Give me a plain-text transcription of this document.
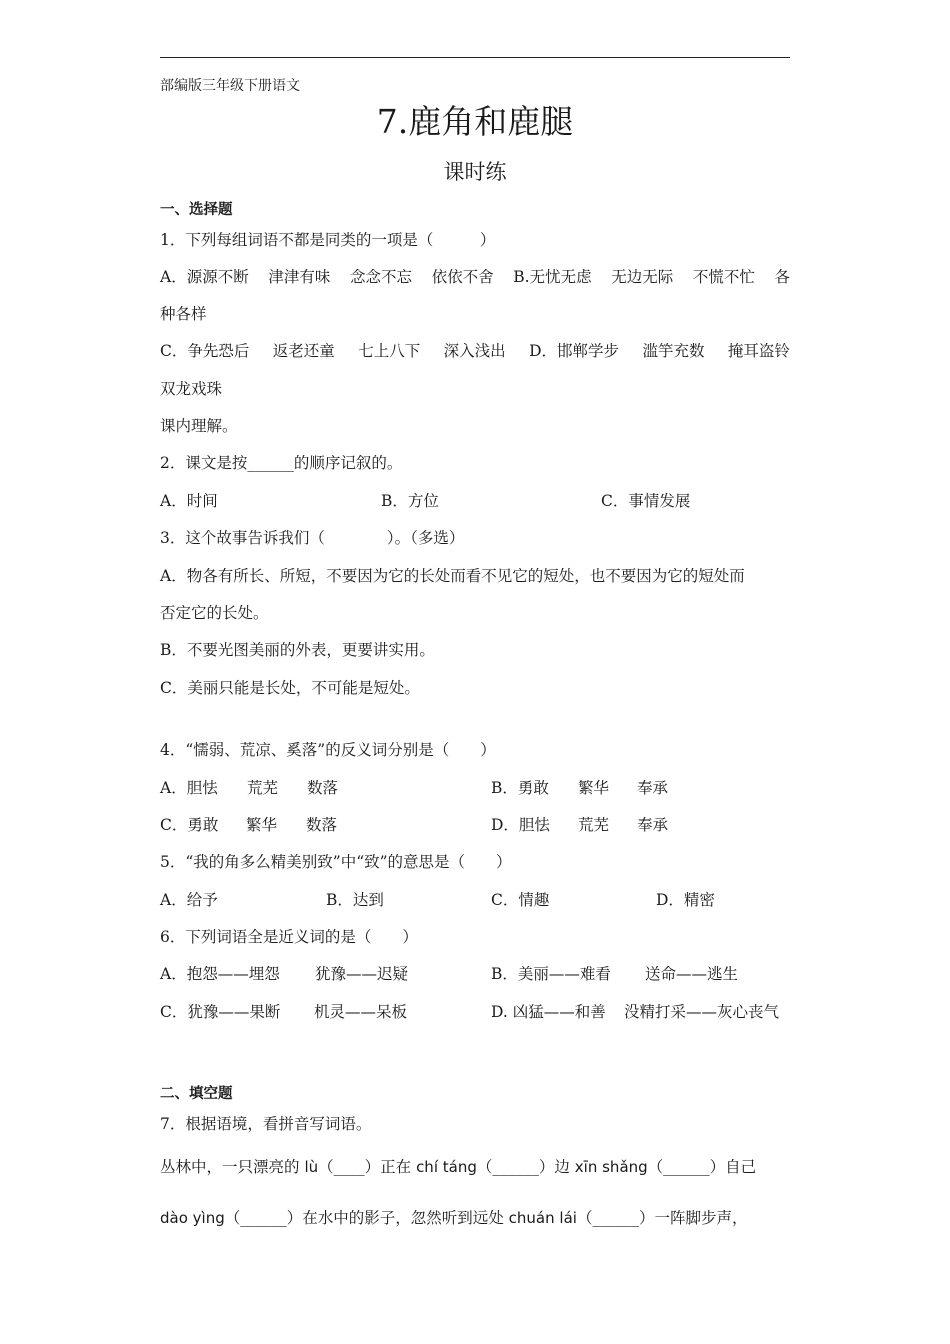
部编版三年级下册语文
7.鹿角和鹿腿
课时练
一、选择题
1．下列每组词语不都是同类的一项是（　　　）
A．源源不断 津津有味 念念不忘 依依不舍 B.无忧无虑 无边无际 不慌不忙 各
种各样
C．争先恐后 返老还童 七上八下 深入浅出 D．邯郸学步 滥竽充数 掩耳盗铃
双龙戏珠
课内理解。
2．课文是按______的顺序记叙的。
A．时间	B．方位	C．事情发展
3．这个故事告诉我们（　　　　）。（多选）
A．物各有所长、所短，不要因为它的长处而看不见它的短处，也不要因为它的短处而
否定它的长处。
B．不要光图美丽的外表，更要讲实用。
C．美丽只能是长处，不可能是短处。
4．“懦弱、荒凉、奚落”的反义词分别是（　　）
A．胆怯 荒芜 数落	B．勇敢 繁华 奉承
C．勇敢 繁华 数落	D．胆怯 荒芜 奉承
5．“我的角多么精美别致”中“致”的意思是（　　）
A．给予	B．达到	C．情趣	D．精密
6．下列词语全是近义词的是（　　）
A．抱怨——埋怨 犹豫——迟疑	B．美丽——难看 送命——逃生
C．犹豫——果断 机灵——呆板	D. 凶猛——和善 没精打采——灰心丧气
二、填空题
7．根据语境，看拼音写词语。
丛林中，一只漂亮的 lù（____）正在 chí táng（______）边 xīn shǎng（______）自己
dào yìng（______）在水中的影子，忽然听到远处 chuán lái（______）一阵脚步声，
